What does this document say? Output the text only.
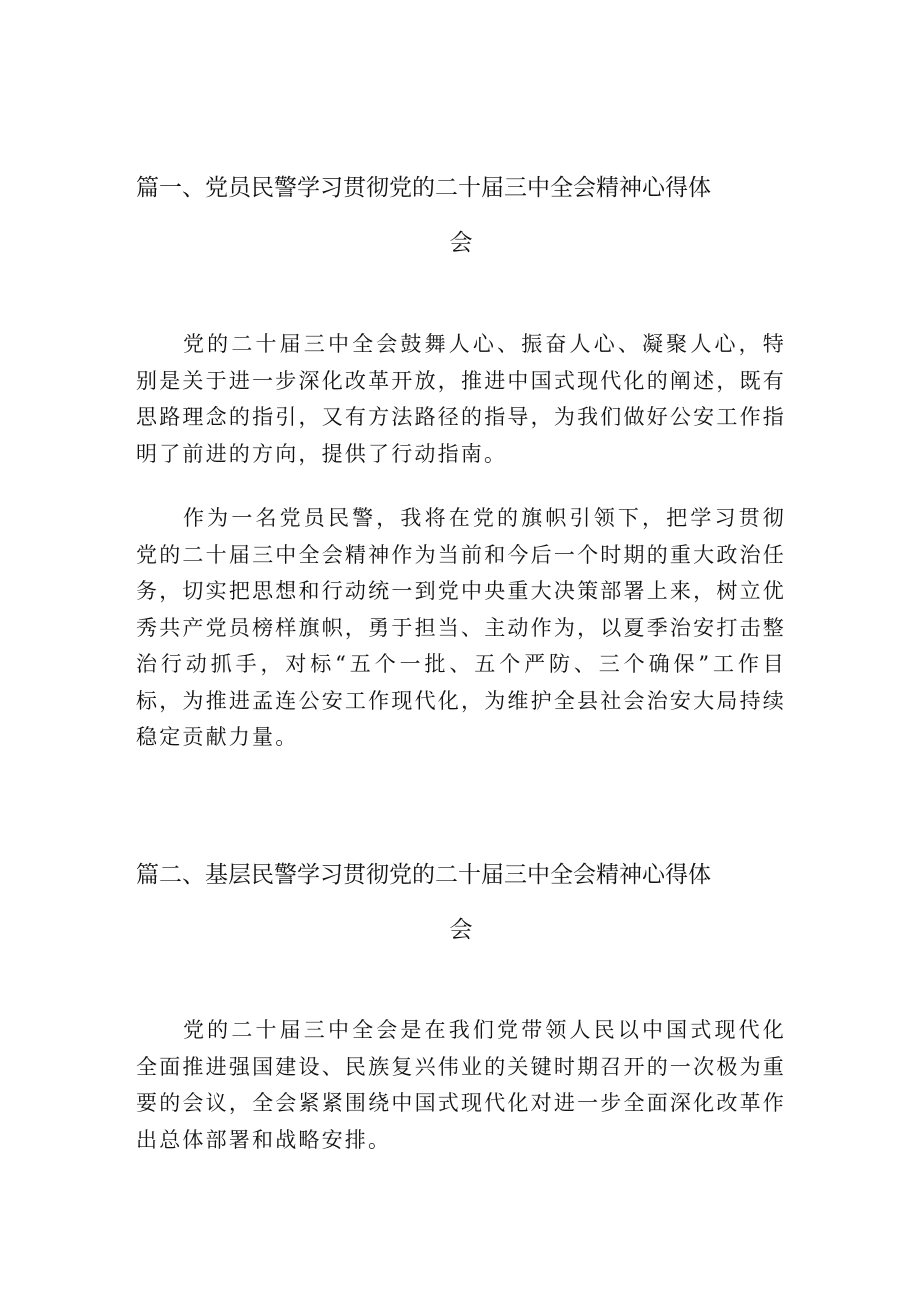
篇一、党员民警学习贯彻党的二十届三中全会精神心得体
会

党的二十届三中全会鼓舞人心、振奋人心、凝聚人心，特别是关于进一步深化改革开放，推进中国式现代化的阐述，既有思路理念的指引，又有方法路径的指导，为我们做好公安工作指明了前进的方向，提供了行动指南。

作为一名党员民警，我将在党的旗帜引领下，把学习贯彻党的二十届三中全会精神作为当前和今后一个时期的重大政治任务，切实把思想和行动统一到党中央重大决策部署上来，树立优秀共产党员榜样旗帜，勇于担当、主动作为，以夏季治安打击整治行动抓手，对标“五个一批、五个严防、三个确保”工作目标，为推进孟连公安工作现代化，为维护全县社会治安大局持续稳定贡献力量。

篇二、基层民警学习贯彻党的二十届三中全会精神心得体
会

党的二十届三中全会是在我们党带领人民以中国式现代化全面推进强国建设、民族复兴伟业的关键时期召开的一次极为重要的会议，全会紧紧围绕中国式现代化对进一步全面深化改革作出总体部署和战略安排。
